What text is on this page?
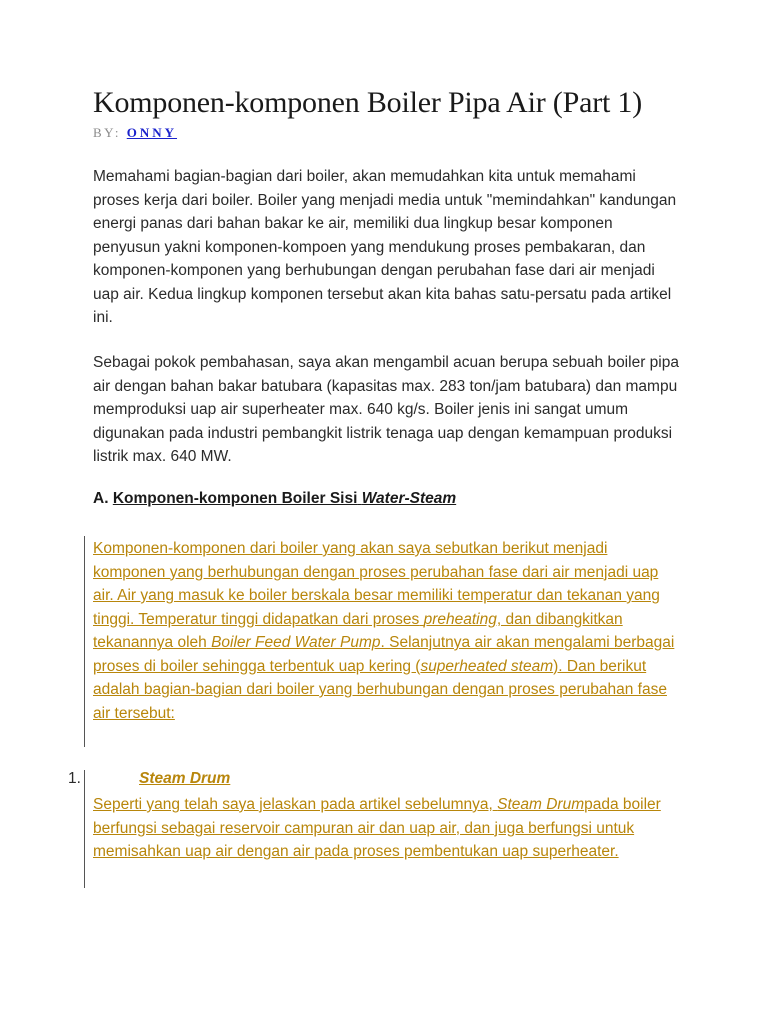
Komponen-komponen Boiler Pipa Air (Part 1)
BY: ONNY

Memahami bagian-bagian dari boiler, akan memudahkan kita untuk memahami proses kerja dari boiler. Boiler yang menjadi media untuk "memindahkan" kandungan energi panas dari bahan bakar ke air, memiliki dua lingkup besar komponen penyusun yakni komponen-kompoen yang mendukung proses pembakaran, dan komponen-komponen yang berhubungan dengan perubahan fase dari air menjadi uap air. Kedua lingkup komponen tersebut akan kita bahas satu-persatu pada artikel ini.

Sebagai pokok pembahasan, saya akan mengambil acuan berupa sebuah boiler pipa air dengan bahan bakar batubara (kapasitas max. 283 ton/jam batubara) dan mampu memproduksi uap air superheater max. 640 kg/s. Boiler jenis ini sangat umum digunakan pada industri pembangkit listrik tenaga uap dengan kemampuan produksi listrik max. 640 MW.

A. Komponen-komponen Boiler Sisi Water-Steam

Komponen-komponen dari boiler yang akan saya sebutkan berikut menjadi komponen yang berhubungan dengan proses perubahan fase dari air menjadi uap air. Air yang masuk ke boiler berskala besar memiliki temperatur dan tekanan yang tinggi. Temperatur tinggi didapatkan dari proses preheating, dan dibangkitkan tekanannya oleh Boiler Feed Water Pump. Selanjutnya air akan mengalami berbagai proses di boiler sehingga terbentuk uap kering (superheated steam). Dan berikut adalah bagian-bagian dari boiler yang berhubungan dengan proses perubahan fase air tersebut:

Seperti yang telah saya jelaskan pada artikel sebelumnya, Steam Drumpada boiler berfungsi sebagai reservoir campuran air dan uap air, dan juga berfungsi untuk memisahkan uap air dengan air pada proses pembentukan uap superheater.

1.	Steam Drum
